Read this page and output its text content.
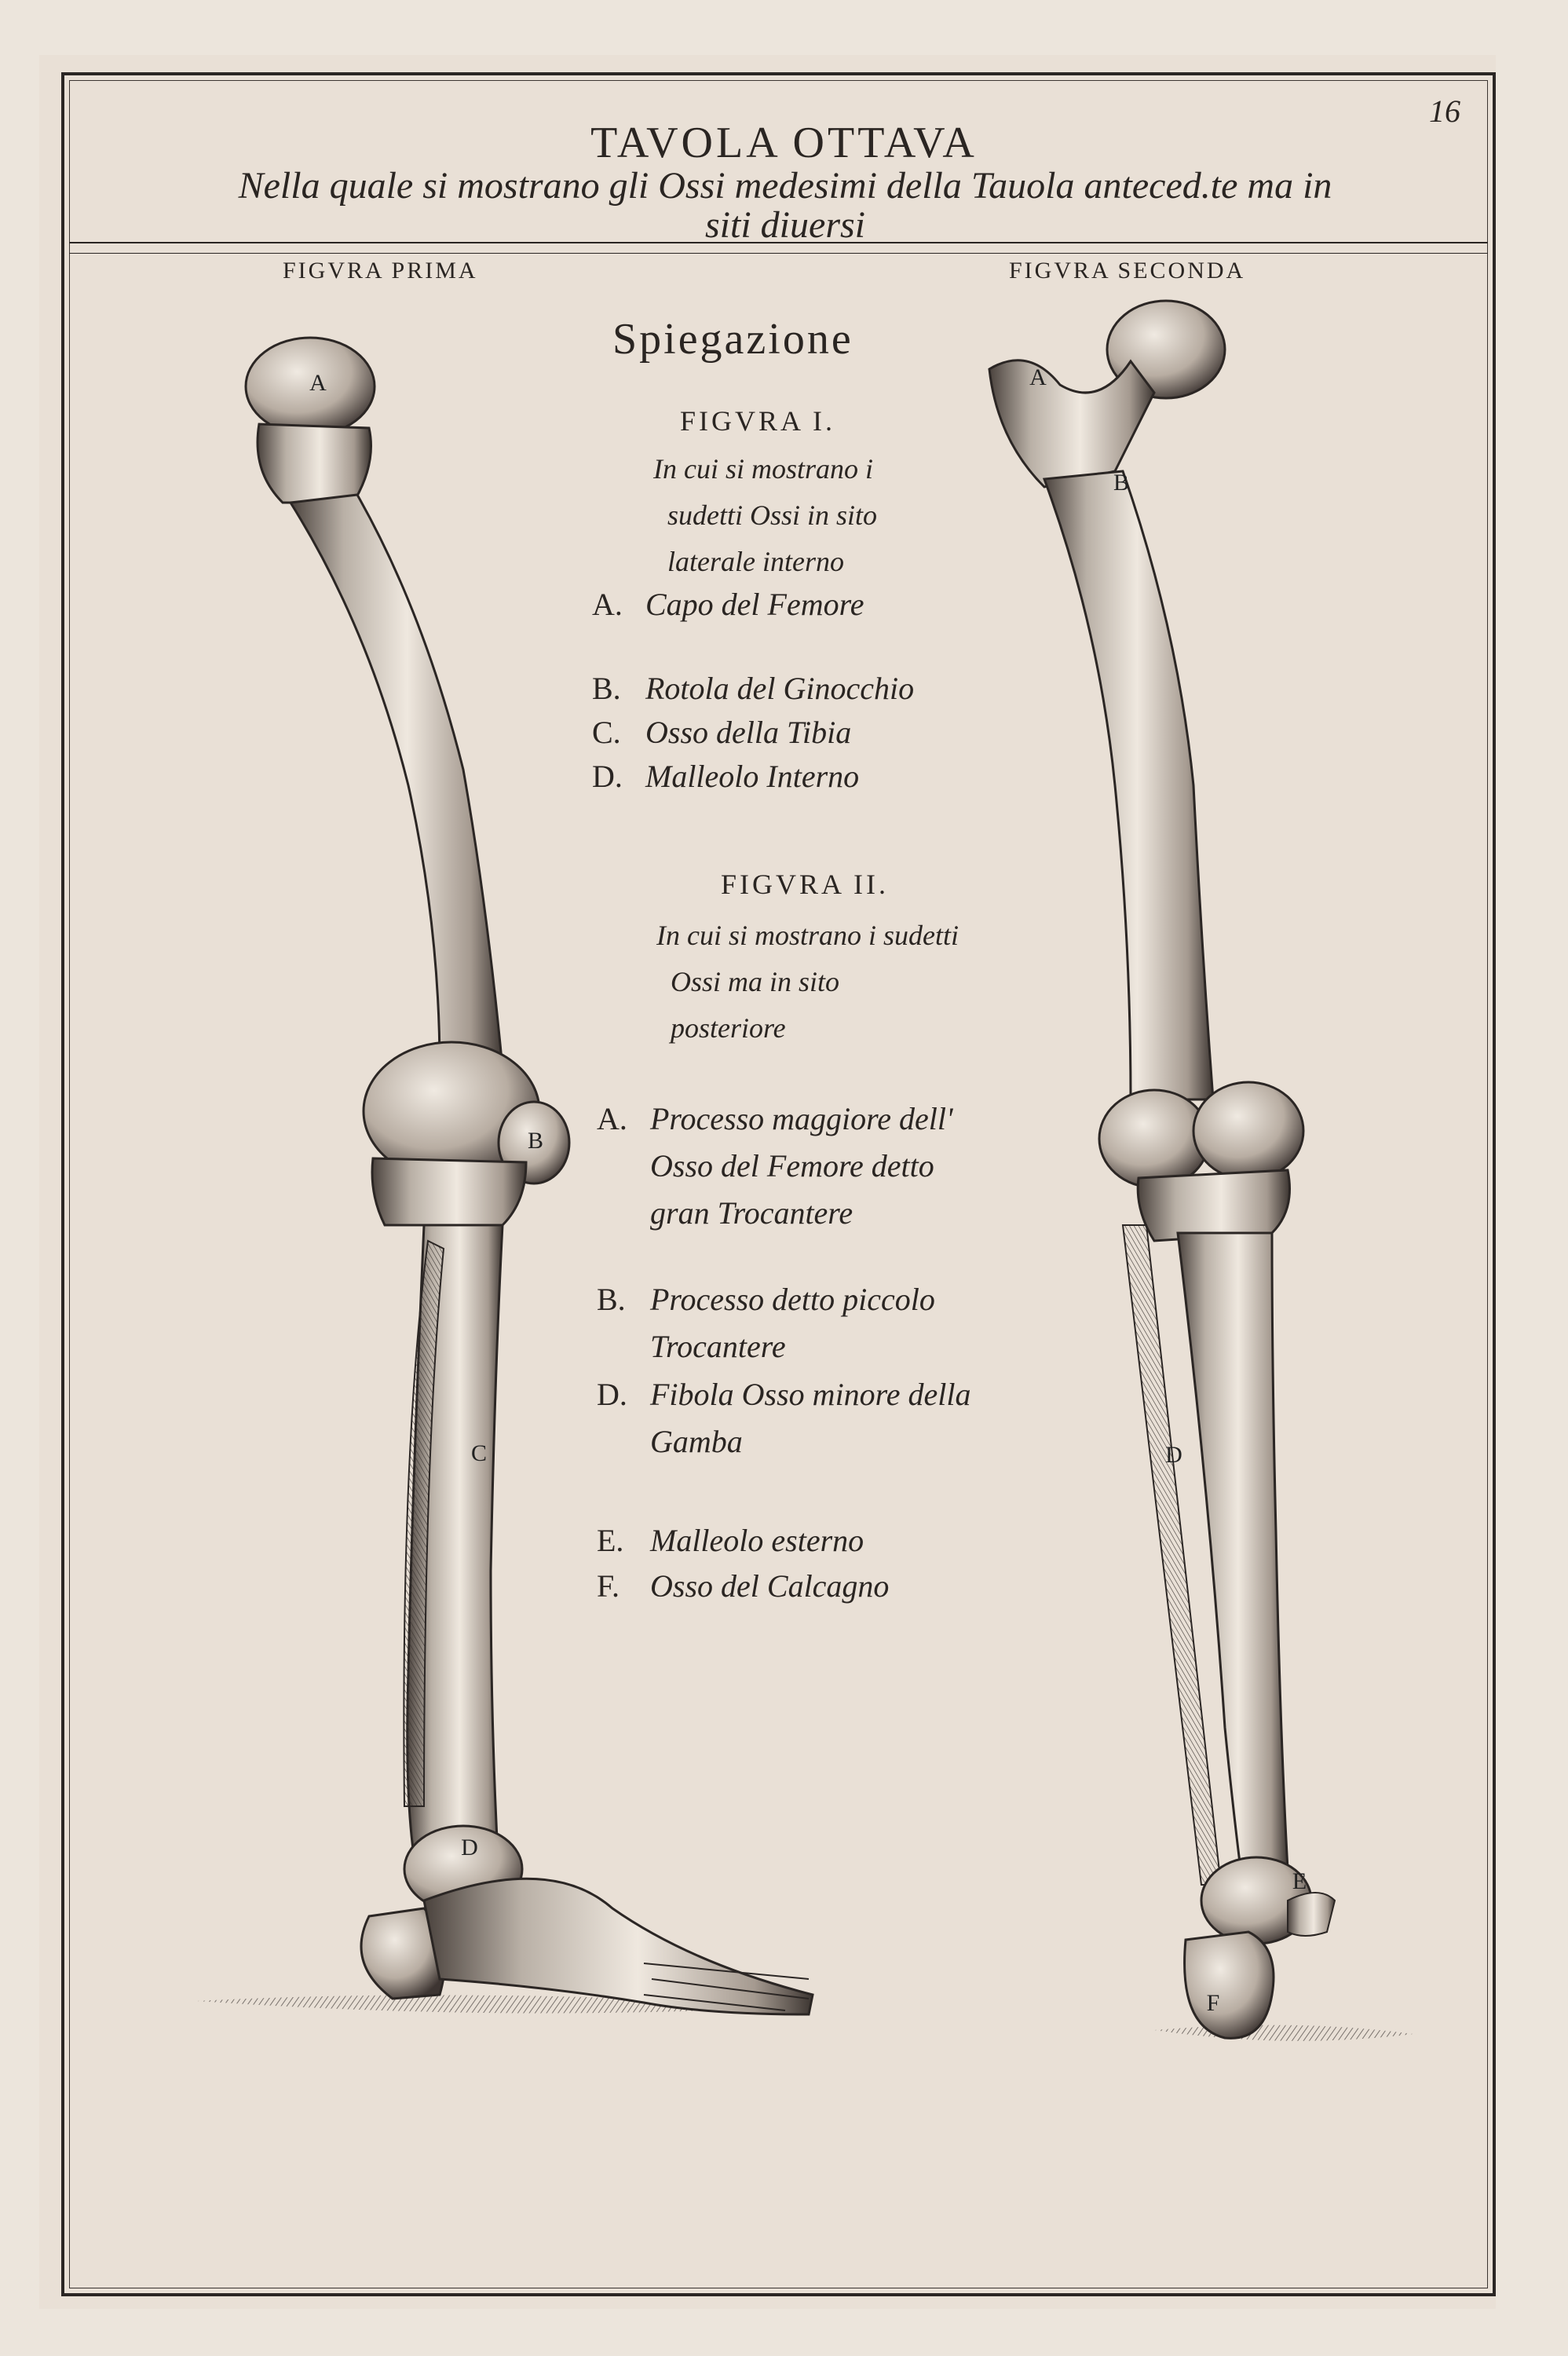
16
TAVOLA OTTAVA
Nella quale si mostrano gli Ossi medesimi della Tauola anteced.te ma in siti diuersi
FIGVRA PRIMA	FIGVRA SECONDA
A
B
C
D
A
B
D
E
F
Spiegazione
FIGVRA I.
In cui si mostrano i
sudetti Ossi in sito
laterale interno
A. Capo del Femore
B. Rotola del Ginocchio
C. Osso della Tibia
D. Malleolo Interno
FIGVRA II.
In cui si mostrano i sudetti
Ossi ma in sito
posteriore
A. Processo maggiore dell'
Osso del Femore detto
gran Trocantere
B. Processo detto piccolo
Trocantere
D. Fibola Osso minore della
Gamba
E. Malleolo esterno
F. Osso del Calcagno
